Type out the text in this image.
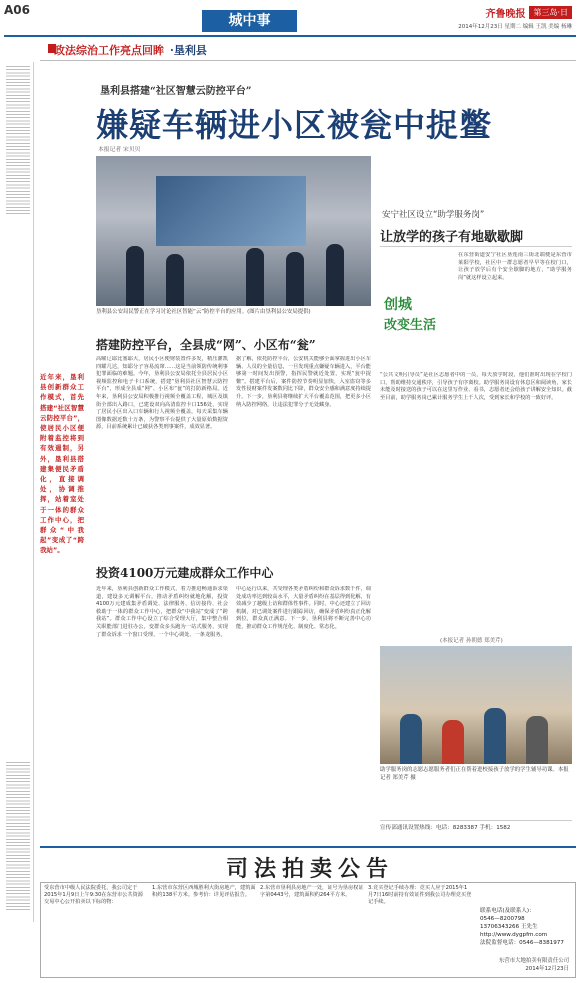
A06
城中事	齐鲁晚报	第三岛·日
2014年12月23日 星期二 编辑 王凯 美编 杨琳
政法综治工作亮点回眸 ·垦利县
近年来，垦利县创新群众工作模式，首先搭建“社区智慧云防控平台”，使居民小区便附着监控将到有效遏制，另外，垦利县搭建集便民矛盾化，直接调处，协调推挥，站着室处于一体的群众工作中心，把群众“中我起”变成了“跨我站”。
垦利县搭建“社区智慧云防控平台”
嫌疑车辆进小区被瓮中捉鳖
本报记者 宋贝贝
垦利县公安局民警正在学习讨论社区智能“云”防控平台的应用。(图片由垦利县公安局提供)
搭建防控平台，全县成“网”、小区布“瓮”
高曜辽耶比塞耶大，居民小区便财装置件多发，精压灌凯四耀几达，知耶分子容易流窜……这是当前领防传统利事犯罪面临的难题。今年，垦利县公安局依托全县居民小区视频监控和电子卡口系统，搭建“垦利县社区智慧云防控平台”，形成全县成“网”、小区布“瓮”的打防新格局。近年来，垦利县公安局积极推行视频全覆盖工程，城区及镇街全部出入路口，已建设双向高清监控卡口156处，实现了居民小区出入口车辆和行人视频全覆盖，每天采集车辆图像数据近数十万条，为警察平台提供了大量原始数据资源，目前系统累计已破获各类刑事案件，成效显著。
据了解，依托防控平台，公安机关能够全面掌握进出小区车辆、人员的全量信息，一旦发现重点嫌疑车辆进入，平台能够第一时间发出预警，指挥民警就近处置，实现“瓮中捉鳖”。搭建平台后，案件防控节奏明显加快，入室盗窃等多发性侵财案件发案数同比下降，群众安全感和满意度持续提升。下一步，垦利县将继续扩大平台覆盖范围，把更多小区纳入防控网络，让违法犯罪分子无处藏身。
投资4100万元建成群众工作中心
近年来，垦利县创新群众工作模式，着力推进畅通诉求渠道，建设多元调解平台，推动矛盾纠纷就地化解，投资4100万元建成集矛盾调处、法律服务、信访接待、社会救助于一体的群众工作中心，把群众“中我站”变成了“跨我站”。群众工作中心设立了综合受理大厅，集中整合相关职能部门进驻办公，变群众多头跑为一站式服务，实现了群众诉求一个窗口受理、一个中心调处、一条龙服务。
中心运行以来，共受理各类矛盾纠纷和群众诉求数千件，调处成功率达到较高水平，大量矛盾纠纷在基层得到化解，有效减少了越级上访和群体性事件。同时，中心还建立了回访机制，对已调处案件进行跟踪回访，确保矛盾纠纷真正化解到位，群众真正满意。下一步，垦利县将不断完善中心功能，推动群众工作规范化、制度化、常态化。
安宁社区设立“助学服务岗”
让放学的孩子有地歇歇脚
创城
改变生活
在东营街道安宁社区垦莲南三街北端便是东营市莱阳学校，社区中一群志愿者早早等在校门口，让孩子放学后有个安全歇脚的地方，“助学服务岗”就这样设立起来。
“公共文明引导员”是社区志愿者中的一员，每天放学时段，他们准时出现在学校门口，帮助维持交通秩序，引导孩子有序离校。助学服务岗设有休息区和阅读角，家长未能及时接送的孩子可以在这里写作业、看书，志愿者还会给孩子讲解安全知识。截至目前，助学服务岗已累计服务学生上千人次，受到家长和学校的一致好评。
(本报记者 孙朝德 郑美芹)
助学服务岗的志愿志愿服务者们正在帮着进校接孩子放学的学生辅导功课。本报记者 郑美芹 摄
宣传部通讯设置热线：电话：8283387 手机：1582
司法拍卖公告
受东营市中级人民法院委托，我公司定于2015年1月9日上午9:30在东营市公共资源交易中心公开拍卖以下标的物：
1.东营市东营区西城胜利大街房地产，建筑面积约138平方米。参考价：详见评估报告。
2.东营市垦利县房地产一处，证号为垦房权证字第0443号，建筑面积约264平方米。
3.竞买登记手续办理：竞买人应于2015年1月7日16时前持有效证件到我公司办理竞买登记手续。
联系电话(及联系人)：
0546—8200798
13706343266 王先生
http://www.dygpfm.com
法院监督电话：0546—8381977
东营市大地拍卖有限责任公司
2014年12月23日
